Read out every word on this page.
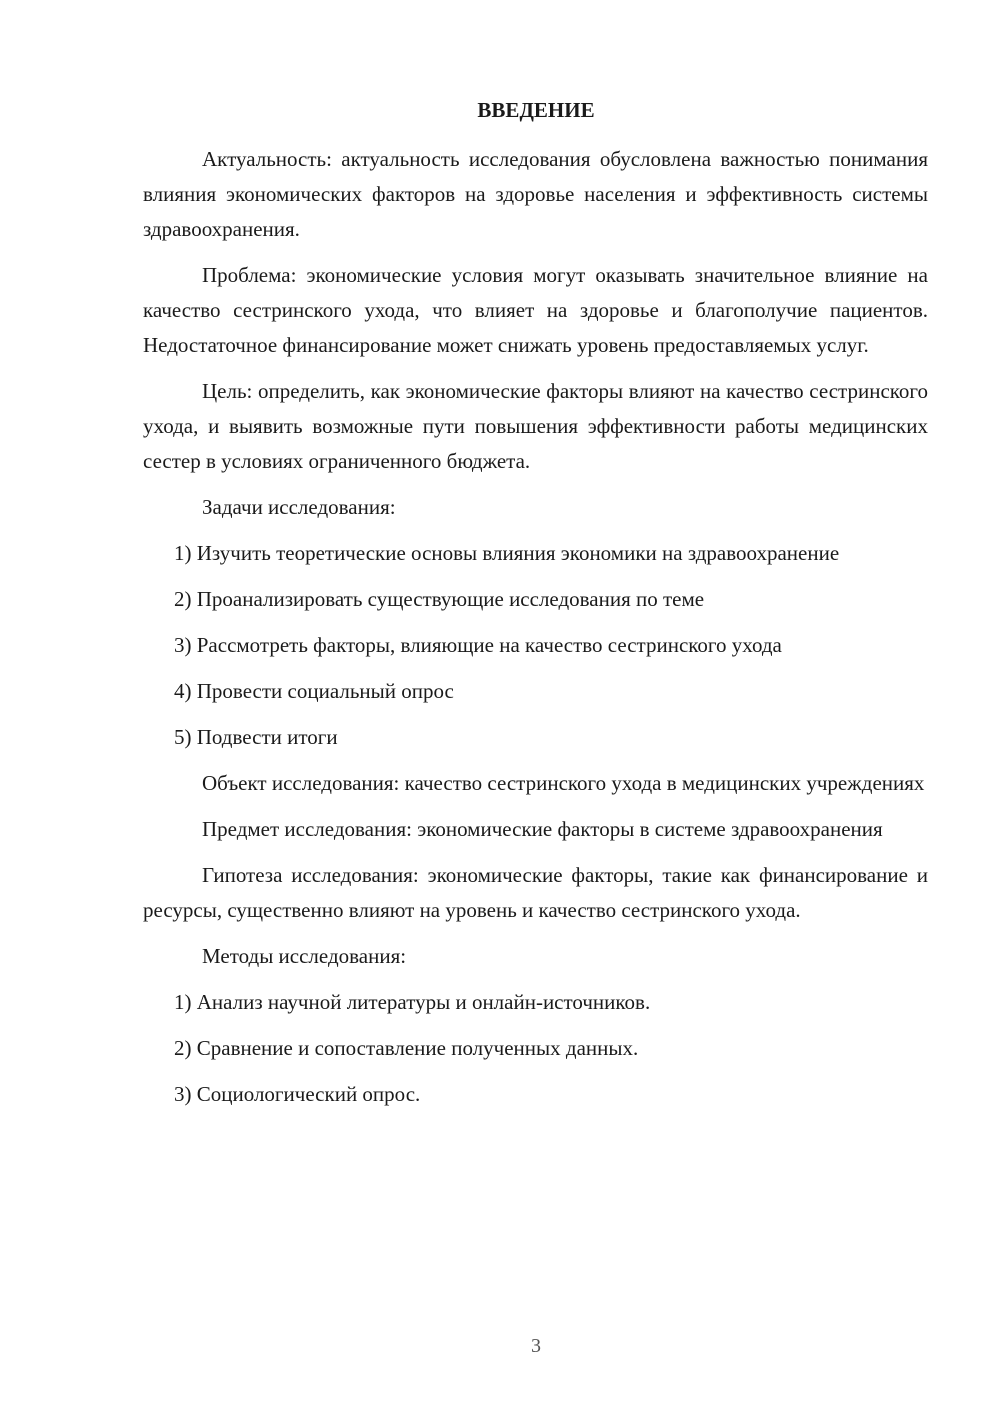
ВВЕДЕНИЕ

Актуальность: актуальность исследования обусловлена важностью понимания влияния экономических факторов на здоровье населения и эффективность системы здравоохранения.

Проблема: экономические условия могут оказывать значительное влияние на качество сестринского ухода, что влияет на здоровье и благополучие пациентов. Недостаточное финансирование может снижать уровень предоставляемых услуг.

Цель: определить, как экономические факторы влияют на качество сестринского ухода, и выявить возможные пути повышения эффективности работы медицинских сестер в условиях ограниченного бюджета.

Задачи исследования:

1) Изучить теоретические основы влияния экономики на здравоохранение

2) Проанализировать существующие исследования по теме

3) Рассмотреть факторы, влияющие на качество сестринского ухода

4) Провести социальный опрос

5) Подвести итоги

Объект исследования: качество сестринского ухода в медицинских учреждениях

Предмет исследования: экономические факторы в системе здравоохранения

Гипотеза исследования: экономические факторы, такие как финансирование и ресурсы, существенно влияют на уровень и качество сестринского ухода.

Методы исследования:

1) Анализ научной литературы и онлайн-источников.

2) Сравнение и сопоставление полученных данных.

3) Социологический опрос.

3
